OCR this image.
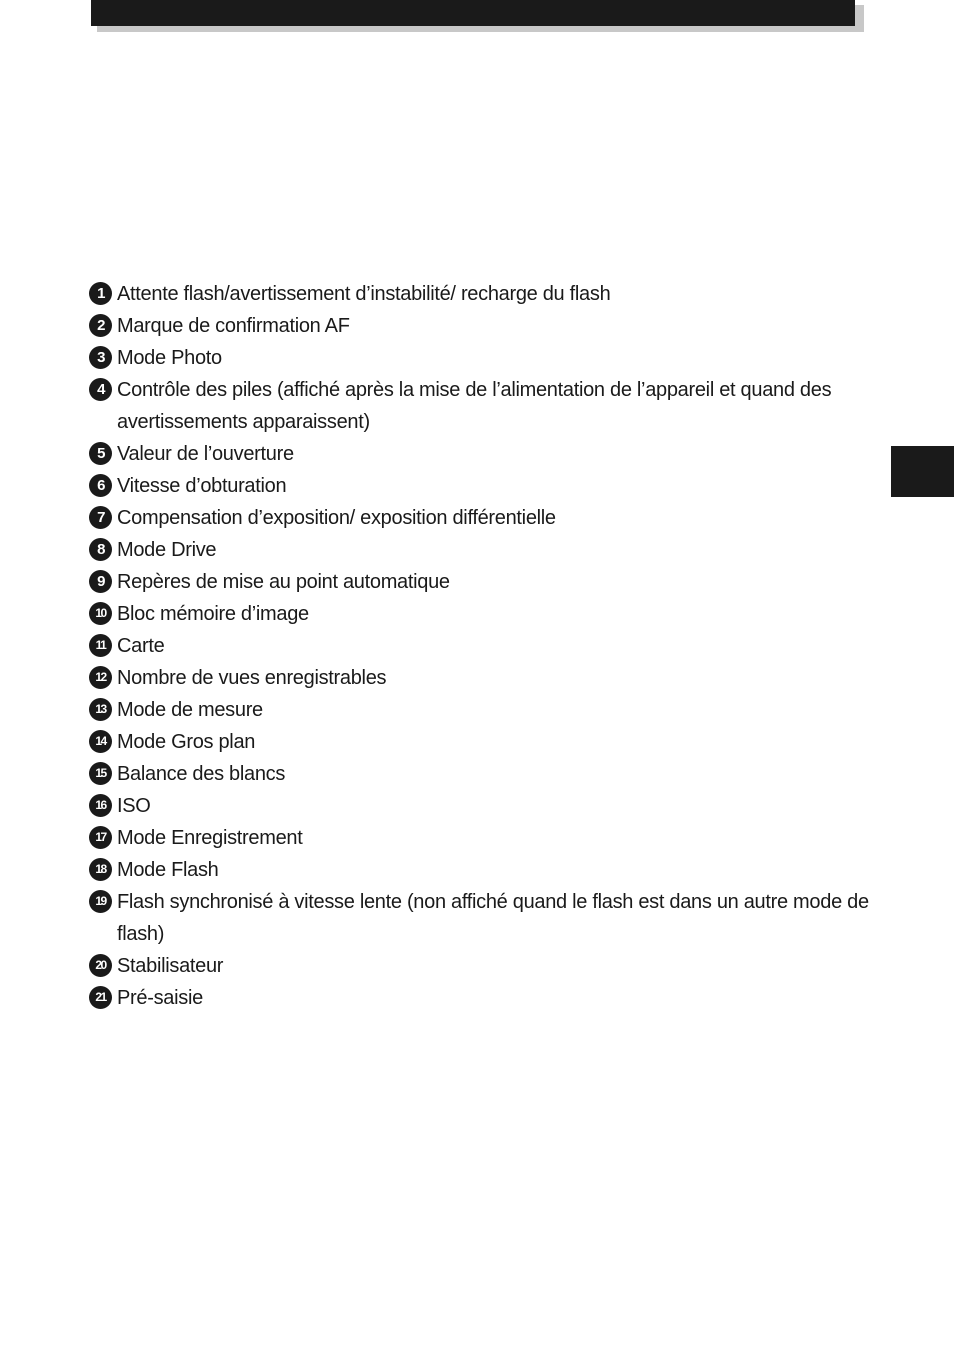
1 Attente flash/avertissement d’instabilité/ recharge du flash
2 Marque de confirmation AF
3 Mode Photo
4 Contrôle des piles (affiché après la mise de l’alimentation de l’appareil et quand des avertissements apparaissent)
5 Valeur de l’ouverture
6 Vitesse d’obturation
7 Compensation d’exposition/ exposition différentielle
8 Mode Drive
9 Repères de mise au point automatique
10 Bloc mémoire d’image
11 Carte
12 Nombre de vues enregistrables
13 Mode de mesure
14 Mode Gros plan
15 Balance des blancs
16 ISO
17 Mode Enregistrement
18 Mode Flash
19 Flash synchronisé à vitesse lente (non affiché quand le flash est dans un autre mode de flash)
20 Stabilisateur
21 Pré-saisie
